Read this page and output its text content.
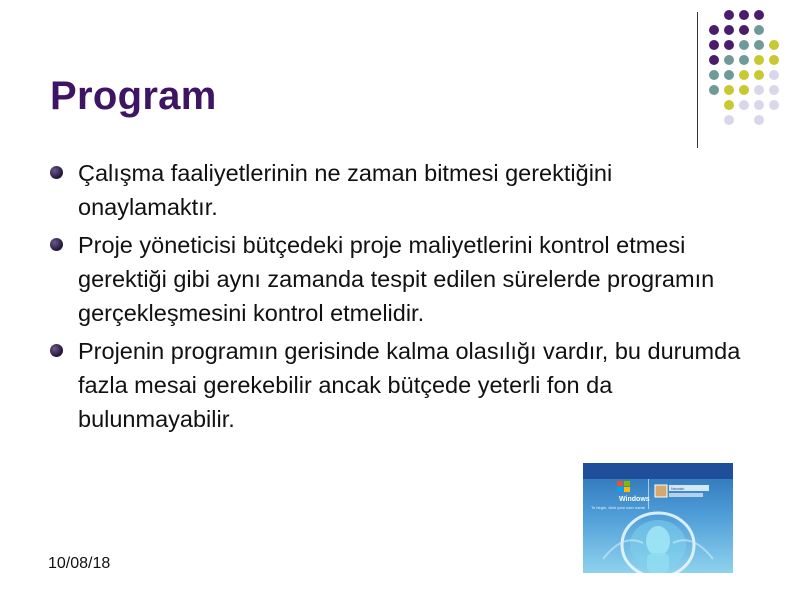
Program
Çalışma faaliyetlerinin ne zaman bitmesi gerektiğini onaylamaktır.
Proje yöneticisi bütçedeki proje maliyetlerini kontrol etmesi gerektiği gibi aynı zamanda tespit edilen sürelerde programın gerçekleşmesini kontrol etmelidir.
Projenin programın gerisinde kalma olasılığı vardır, bu durumda fazla mesai gerekebilir ancak bütçede yeterli fon da bulunmayabilir.
10/08/18
Windows
To begin, click your user name
Neowin
